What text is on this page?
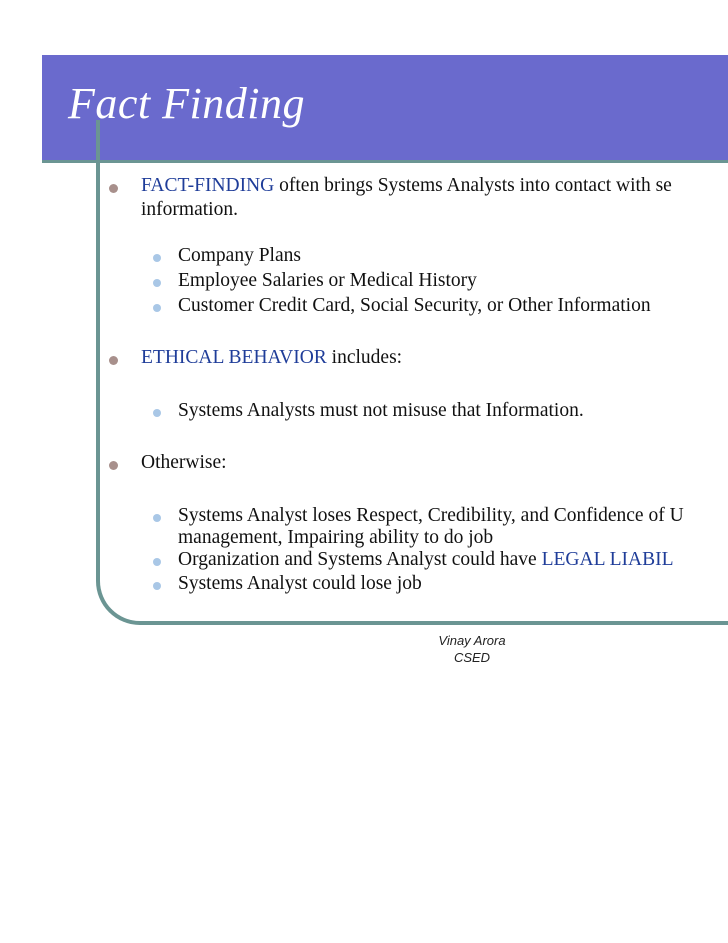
Fact Finding
FACT-FINDING often brings Systems Analysts into contact with se
information.
Company Plans
Employee Salaries or Medical History
Customer Credit Card, Social Security, or Other Information
ETHICAL BEHAVIOR includes:
Systems Analysts must not misuse that Information.
Otherwise:
Systems Analyst loses Respect, Credibility, and Confidence of U
management, Impairing ability to do job
Organization and Systems Analyst could have LEGAL LIABIL
Systems Analyst could lose job
Vinay Arora
CSED
